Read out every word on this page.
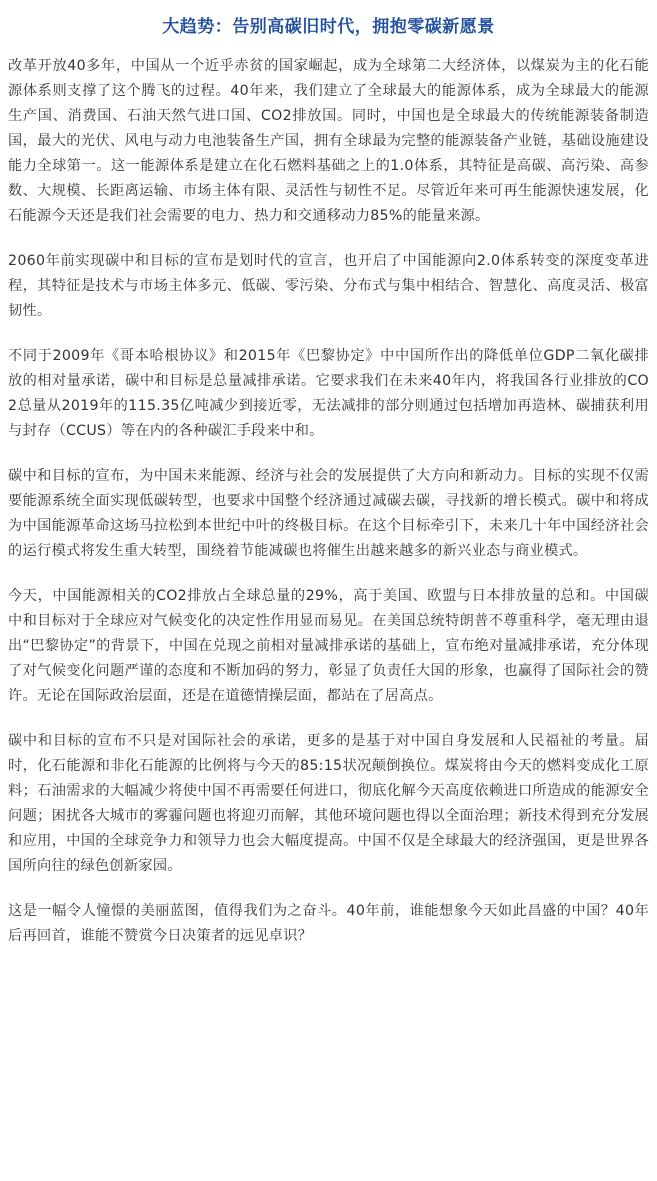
大趋势：告别高碳旧时代，拥抱零碳新愿景

改革开放40多年，中国从一个近乎赤贫的国家崛起，成为全球第二大经济体，以煤炭为主的化石能源体系则支撑了这个腾飞的过程。40年来，我们建立了全球最大的能源体系，成为全球最大的能源生产国、消费国、石油天然气进口国、CO2排放国。同时，中国也是全球最大的传统能源装备制造国，最大的光伏、风电与动力电池装备生产国，拥有全球最为完整的能源装备产业链，基础设施建设能力全球第一。这一能源体系是建立在化石燃料基础之上的1.0体系，其特征是高碳、高污染、高参数、大规模、长距离运输、市场主体有限、灵活性与韧性不足。尽管近年来可再生能源快速发展，化石能源今天还是我们社会需要的电力、热力和交通移动力85%的能量来源。

2060年前实现碳中和目标的宣布是划时代的宣言，也开启了中国能源向2.0体系转变的深度变革进程，其特征是技术与市场主体多元、低碳、零污染、分布式与集中相结合、智慧化、高度灵活、极富韧性。

不同于2009年《哥本哈根协议》和2015年《巴黎协定》中中国所作出的降低单位GDP二氧化碳排放的相对量承诺，碳中和目标是总量减排承诺。它要求我们在未来40年内，将我国各行业排放的CO2总量从2019年的115.35亿吨减少到接近零，无法减排的部分则通过包括增加再造林、碳捕获利用与封存（CCUS）等在内的各种碳汇手段来中和。

碳中和目标的宣布，为中国未来能源、经济与社会的发展提供了大方向和新动力。目标的实现不仅需要能源系统全面实现低碳转型，也要求中国整个经济通过减碳去碳，寻找新的增长模式。碳中和将成为中国能源革命这场马拉松到本世纪中叶的终极目标。在这个目标牵引下，未来几十年中国经济社会的运行模式将发生重大转型，围绕着节能减碳也将催生出越来越多的新兴业态与商业模式。

今天，中国能源相关的CO2排放占全球总量的29%，高于美国、欧盟与日本排放量的总和。中国碳中和目标对于全球应对气候变化的决定性作用显而易见。在美国总统特朗普不尊重科学，毫无理由退出“巴黎协定”的背景下，中国在兑现之前相对量减排承诺的基础上，宣布绝对量减排承诺，充分体现了对气候变化问题严谨的态度和不断加码的努力，彰显了负责任大国的形象，也赢得了国际社会的赞许。无论在国际政治层面，还是在道德情操层面，都站在了居高点。

碳中和目标的宣布不只是对国际社会的承诺，更多的是基于对中国自身发展和人民福祉的考量。届时，化石能源和非化石能源的比例将与今天的85:15状况颠倒换位。煤炭将由今天的燃料变成化工原料；石油需求的大幅减少将使中国不再需要任何进口，彻底化解今天高度依赖进口所造成的能源安全问题；困扰各大城市的雾霾问题也将迎刃而解，其他环境问题也得以全面治理；新技术得到充分发展和应用，中国的全球竞争力和领导力也会大幅度提高。中国不仅是全球最大的经济强国，更是世界各国所向往的绿色创新家园。

这是一幅令人憧憬的美丽蓝图，值得我们为之奋斗。40年前，谁能想象今天如此昌盛的中国？40年后再回首，谁能不赞赏今日决策者的远见卓识？
